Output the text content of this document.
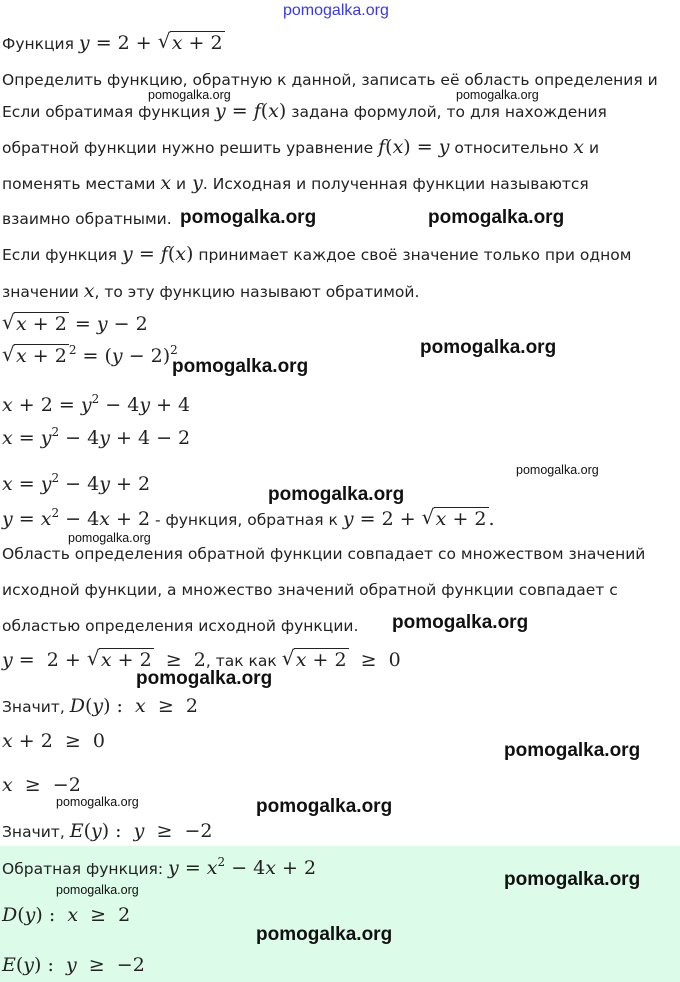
pomogalka.org
Функция y = 2 + √ x + 2
Определить функцию, обратную к данной, записать её область определения и
Если обратимая функция y = f(x) задана формулой, то для нахождения
обратной функции нужно решить уравнение f(x) = y относительно x и
поменять местами x и y. Исходная и полученная функции называются
взаимно обратными.
Если функция y = f(x) принимает каждое своё значение только при одном
значении x, то эту функцию называют обратимой.
√ x + 2 = y − 2
√ x + 2 $^2 = (y - 2)^2$
$x + 2 = y^2 - 4y + 4$
$x = y^2 - 4y + 4 - 2$
$x = y^2 - 4y + 2$
$y = x^2 - 4x + 2$ - функция, обратная к y = 2 + √ x + 2 .
Область определения обратной функции совпадает со множеством значений
исходной функции, а множество значений обратной функции совпадает с
областью определения исходной функции.
y =  2 + √ x + 2  ≥  2, так как √ x + 2  ≥  0
Значит, D(y) :  x  ≥  2
x + 2  ≥  0
x  ≥  −2
Значит, E(y) :  y  ≥  −2
Обратная функция: $y = x^2 - 4x + 2$
D(y) :  x  ≥  2
E(y) :  y  ≥  −2
pomogalka.org	pomogalka.org
pomogalka.org	pomogalka.org
pomogalka.org
pomogalka.org
pomogalka.org
pomogalka.org
pomogalka.org
pomogalka.org
pomogalka.org
pomogalka.org
pomogalka.org	pomogalka.org
pomogalka.org
pomogalka.org
pomogalka.org
